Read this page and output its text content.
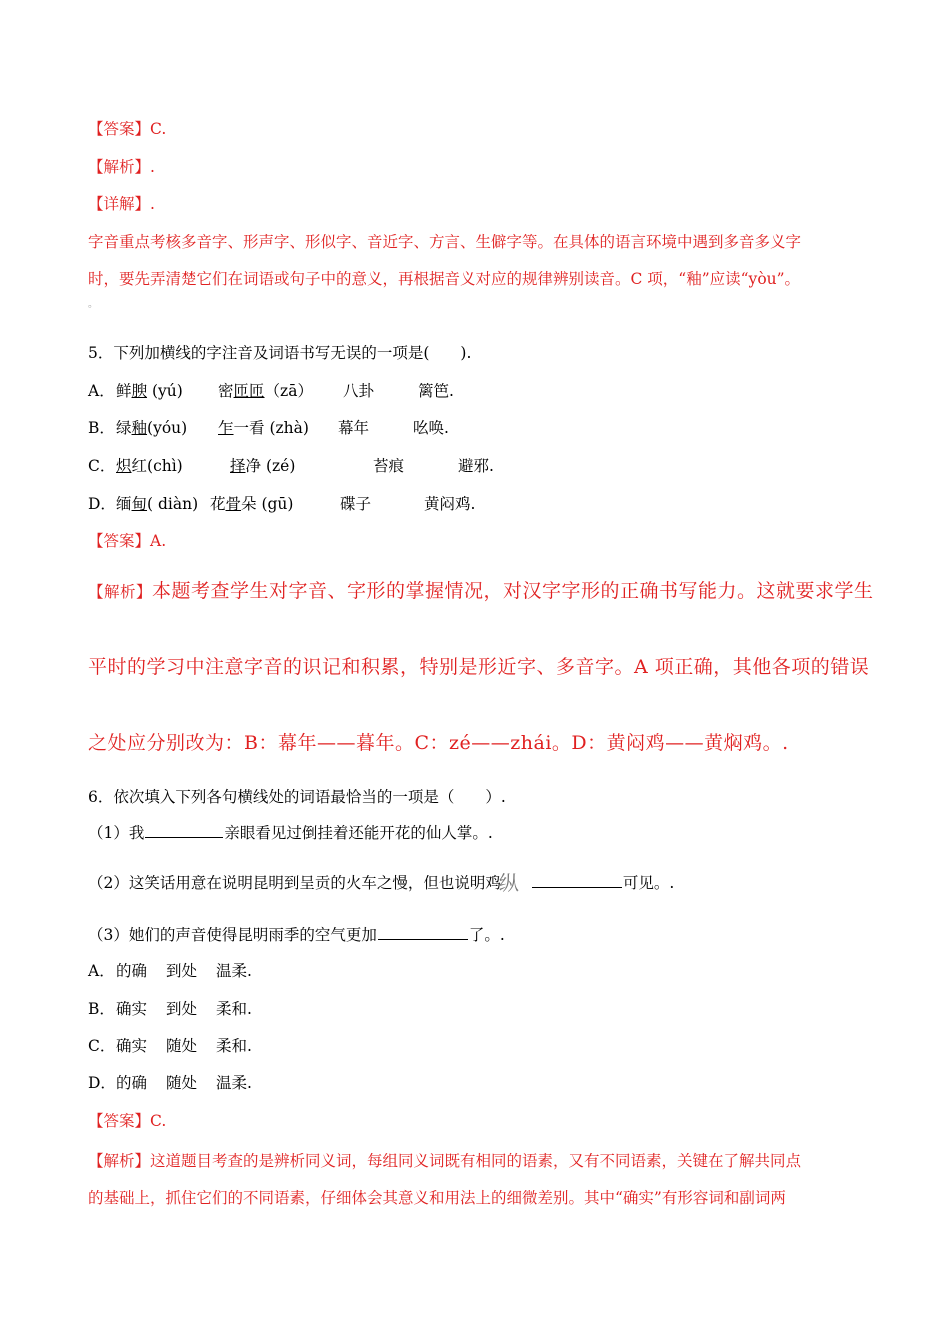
【答案】C.
【解析】.
【详解】.
字音重点考核多音字、形声字、形似字、音近字、方言、生僻字等。在具体的语言环境中遇到多音多义字
时，要先弄清楚它们在词语或句子中的意义，再根据音义对应的规律辨别读音。C 项，“釉”应读“yòu”。
。
5．下列加横线的字注音及词语书写无误的一项是(　　).
A． 鲜腴 (yú) 密匝匝（zā） 八卦	篱笆.
B． 绿釉(yóu) 乍一看 (zhà) 幕年	吆唤.
C． 炽红(chì)	择净 (zé)	苔痕	避邪.
D． 缅甸( diàn) 花骨朵 (gū)	碟子	黄闷鸡.
【答案】A.
【解析】本题考查学生对字音、字形的掌握情况，对汉字字形的正确书写能力。这就要求学生
平时的学习中注意字音的识记和积累，特别是形近字、多音字。A 项正确，其他各项的错误
之处应分别改为：B：幕年——暮年。C：zé——zhái。D：黄闷鸡——黄焖鸡。.
6．依次填入下列各句横线处的词语最恰当的一项是（　　）.
（1）我	亲眼看见过倒挂着还能开花的仙人掌。.
（2）这笑话用意在说明昆明到呈贡的火车之慢，但也说明鸡
纵	可见。.
（3）她们的声音使得昆明雨季的空气更加	了。.
A． 的确 到处 温柔.
B． 确实 到处 柔和.
C． 确实 随处 柔和.
D． 的确 随处 温柔.
【答案】C.
【解析】这道题目考查的是辨析同义词，每组同义词既有相同的语素，又有不同语素，关键在了解共同点
的基础上，抓住它们的不同语素，仔细体会其意义和用法上的细微差别。其中“确实”有形容词和副词两
